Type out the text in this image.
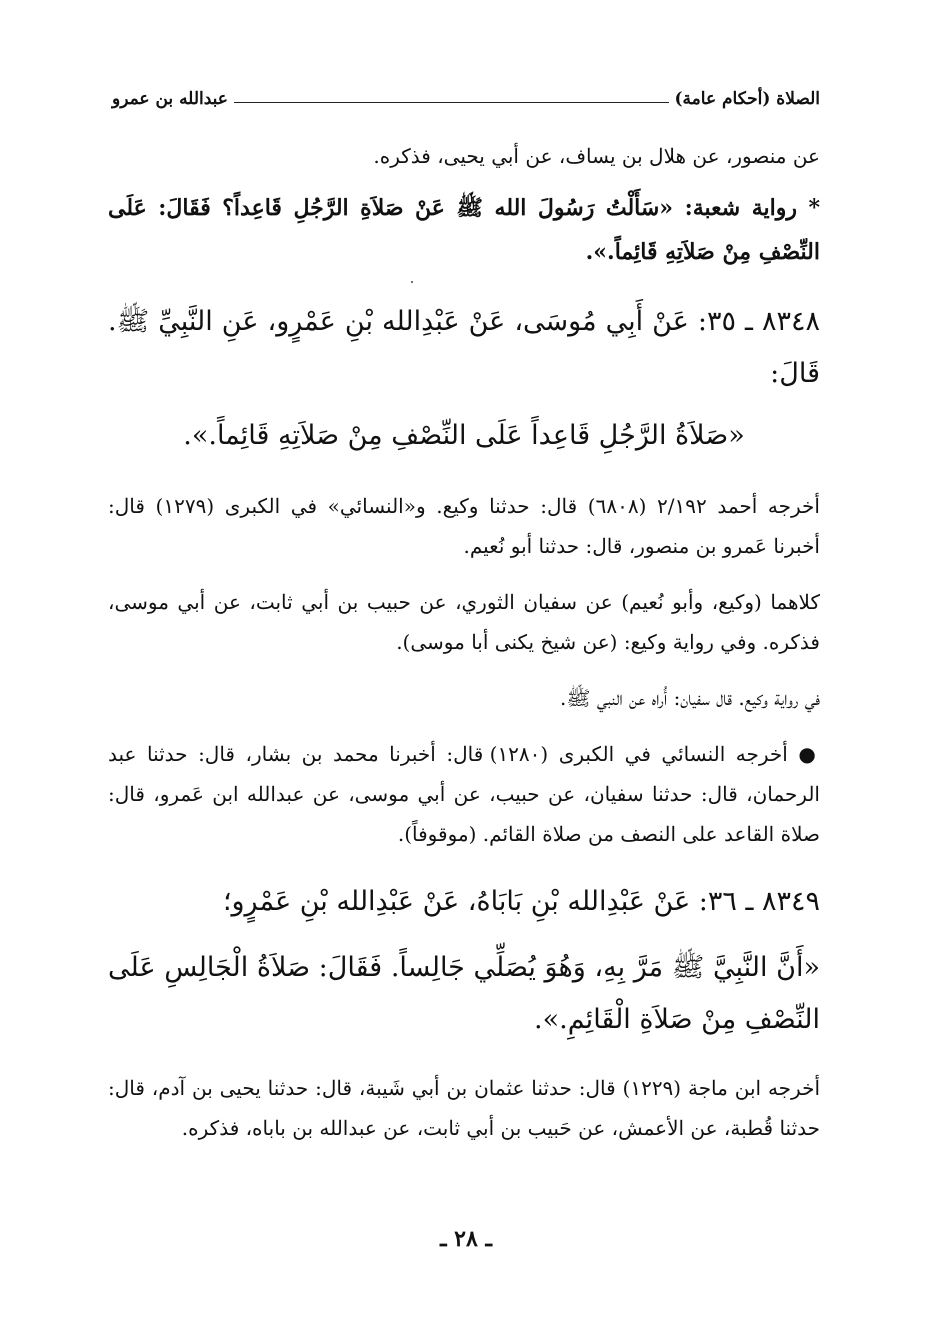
الصلاة (أحكام عامة)
عبدالله بن عمرو

عن منصور، عن هلال بن يساف، عن أبي يحيى، فذكره.

* رواية شعبة: «سَأَلْتُ رَسُولَ الله ﷺ عَنْ صَلاَةِ الرَّجُلِ قَاعِداً؟ فَقَالَ: عَلَى النِّصْفِ مِنْ صَلاَتِهِ قَائِماً.».

٨٣٤٨ ـ ٣٥: عَنْ أَبِي مُوسَى، عَنْ عَبْدِالله بْنِ عَمْرٍو، عَنِ النَّبِيِّ ﷺ. قَالَ:

«صَلاَةُ الرَّجُلِ قَاعِداً عَلَى النِّصْفِ مِنْ صَلاَتِهِ قَائِماً.».

أخرجه أحمد ٢/١٩٢ (٦٨٠٨) قال: حدثنا وكيع. و«النسائي» في الكبرى (١٢٧٩) قال: أخبرنا عَمرو بن منصور، قال: حدثنا أبو نُعيم.

كلاهما (وكيع، وأبو نُعيم) عن سفيان الثوري، عن حبيب بن أبي ثابت، عن أبي موسى، فذكره. وفي رواية وكيع: (عن شيخ يكنى أبا موسى).

في رواية وكيع. قال سفيان: أُراه عن النبي ﷺ.

● أخرجه النسائي في الكبرى (١٢٨٠) قال: أخبرنا محمد بن بشار، قال: حدثنا عبد الرحمان، قال: حدثنا سفيان، عن حبيب، عن أبي موسى، عن عبدالله ابن عَمرو، قال: صلاة القاعد على النصف من صلاة القائم. (موقوفاً).

٨٣٤٩ ـ ٣٦: عَنْ عَبْدِالله بْنِ بَابَاهُ، عَنْ عَبْدِالله بْنِ عَمْرٍو؛

«أَنَّ النَّبِيَّ ﷺ مَرَّ بِهِ، وَهُوَ يُصَلِّي جَالِساً. فَقَالَ: صَلاَةُ الْجَالِسِ عَلَى النِّصْفِ مِنْ صَلاَةِ الْقَائِمِ.».

أخرجه ابن ماجة (١٢٢٩) قال: حدثنا عثمان بن أبي شَيبة، قال: حدثنا يحيى بن آدم، قال: حدثنا قُطبة، عن الأعمش، عن حَبيب بن أبي ثابت، عن عبدالله بن باباه، فذكره.

ـ ٢٨ ـ
